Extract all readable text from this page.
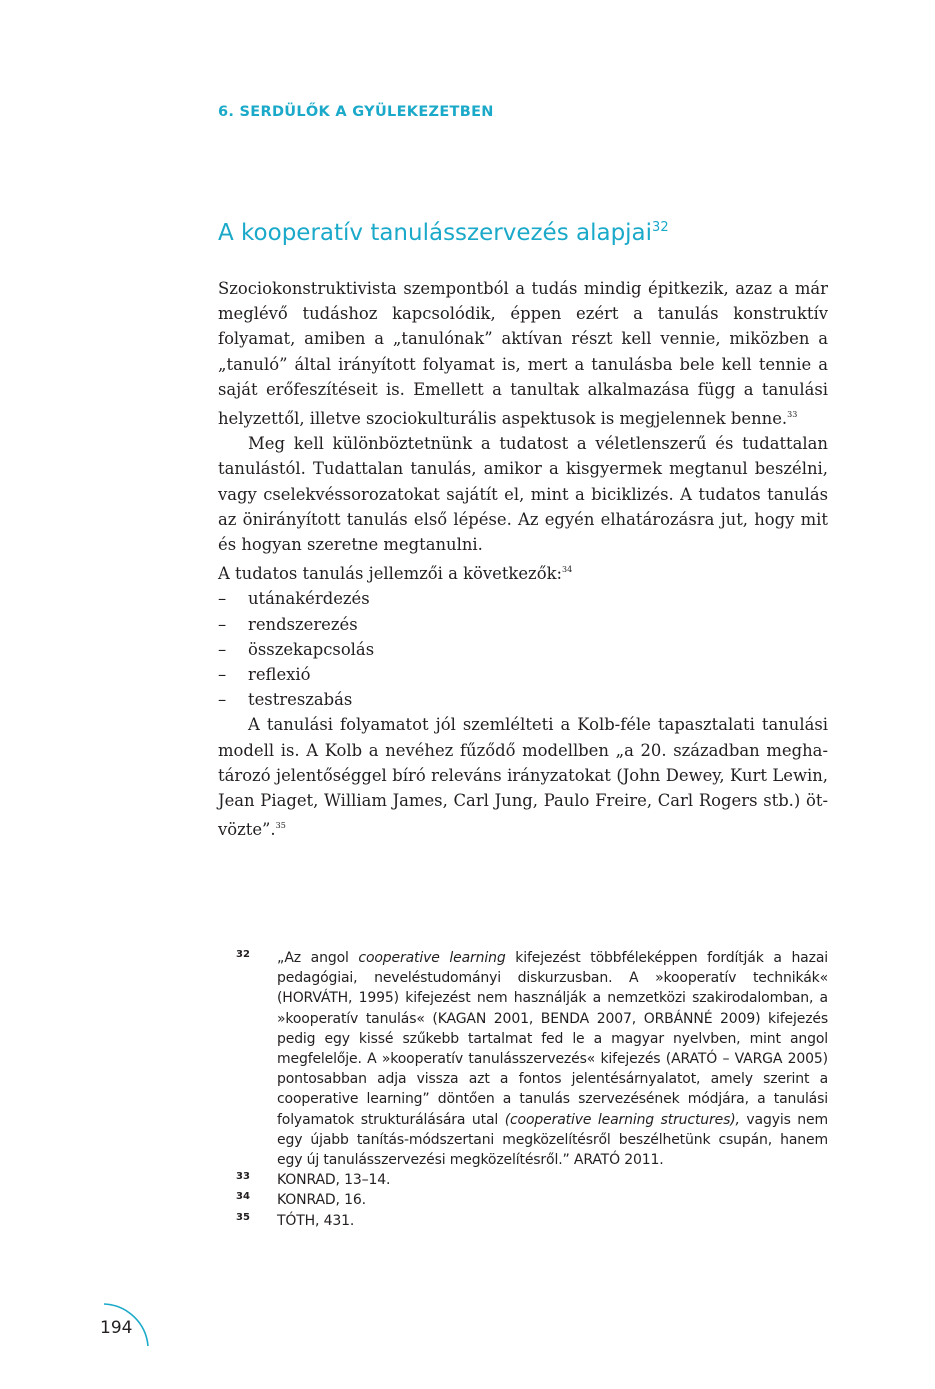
6. SERDÜLŐK A GYÜLEKEZETBEN
A kooperatív tanulásszervezés alapjai$^{32}$

Szociokonstruktivista szempontból a tudás mindig épitkezik, azaz a már meglévő tudáshoz kapcsolódik, éppen ezért a tanulás konstruktív folyamat, amiben a „tanulónak” aktívan részt kell vennie, miközben a „tanuló” által irányított folyamat is, mert a tanulásba bele kell tennie a saját erőfeszítéseit is. Emellett a tanultak alkalmazása függ a tanulási helyzettől, illetve szociokulturális aspektusok is megjelennek benne.$^{33}$

Meg kell különböztetnünk a tudatost a véletlenszerű és tudattalan tanulástól. Tudattalan tanulás, amikor a kisgyermek megtanul beszélni, vagy cselekvéssorozatokat sajátít el, mint a biciklizés. A tudatos tanulás az önirányított tanulás első lépése. Az egyén elhatározásra jut, hogy mit és hogyan szeretne megtanulni.

A tudatos tanulás jellemzői a következők:$^{34}$

– utánakérdezés
– rendszerezés
– összekapcsolás
– reflexió
– testreszabás

A tanulási folyamatot jól szemlélteti a Kolb-féle tapasztalati tanulási modell is. A Kolb a nevéhez fűződő modellben „a 20. században meghatározó jelentőséggel bíró releváns irányzatokat (John Dewey, Kurt Lewin, Jean Piaget, William James, Carl Jung, Paulo Freire, Carl Rogers stb.) ötvözte”.$^{35}$

32 „Az angol cooperative learning kifejezést többféleképpen fordítják a hazai pedagógiai, neveléstudományi diskurzusban. A »kooperatív technikák« (HORVÁTH, 1995) kifejezést nem használják a nemzetközi szakirodalomban, a »kooperatív tanulás« (KAGAN 2001, BENDA 2007, ORBÁNNÉ 2009) kifejezés pedig egy kissé szűkebb tartalmat fed le a magyar nyelvben, mint angol megfelelője. A »kooperatív tanulásszervezés« kifejezés (ARATÓ – VARGA 2005) pontosabban adja vissza azt a fontos jelentésárnyalatot, amely szerint a cooperative learning” döntően a tanulás szervezésének módjára, a tanulási folyamatok strukturálására utal (cooperative learning structures), vagyis nem egy újabb tanítás-módszertani megközelítésről beszélhetünk csupán, hanem egy új tanulásszervezési megközelítésről.” ARATÓ 2011.
33 KONRAD, 13–14.
34 KONRAD, 16.
35 TÓTH, 431.
194
